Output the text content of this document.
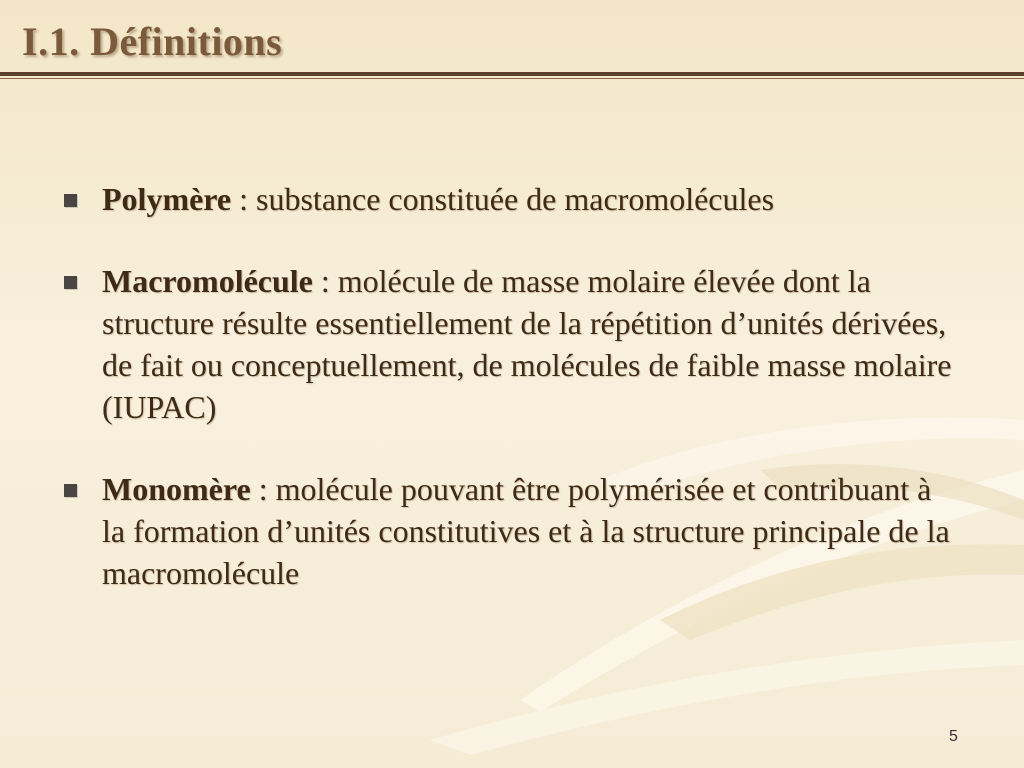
I.1. Définitions
Polymère : substance constituée de macromolécules
Macromolécule : molécule de masse molaire élevée dont la structure résulte essentiellement de la répétition d’unités dérivées, de fait ou conceptuellement, de molécules de faible masse molaire (IUPAC)
Monomère : molécule pouvant être polymérisée et contribuant à la formation d’unités constitutives et à la structure principale de la macromolécule
5
